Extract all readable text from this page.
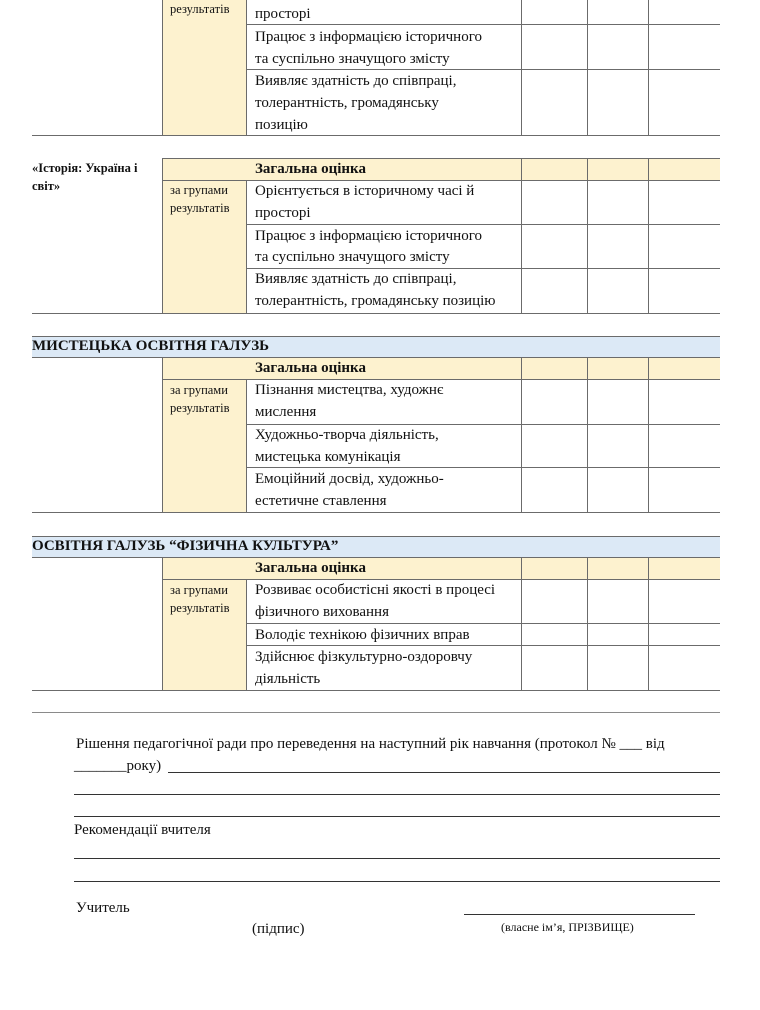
результатів просторі
Працює з інформацією історичного
та суспільно значущого змісту
Виявляє здатність до співпраці,
толерантність, громадянську
позицію
«Історія: Україна і
світ»
Загальна оцінка
за групами
результатів
Орієнтується в історичному часі й
просторі
Працює з інформацією історичного
та суспільно значущого змісту
Виявляє здатність до співпраці,
толерантність, громадянську позицію
МИСТЕЦЬКА ОСВІТНЯ ГАЛУЗЬ
Загальна оцінка
за групами
результатів
Пізнання мистецтва, художнє
мислення
Художньо-творча діяльність,
мистецька комунікація
Емоційний досвід, художньо-
естетичне ставлення
ОСВІТНЯ ГАЛУЗЬ “ФІЗИЧНА КУЛЬТУРА”
Загальна оцінка
за групами
результатів
Розвиває особистісні якості в процесі
фізичного виховання
Володіє технікою фізичних вправ
Здійснює фізкультурно-оздоровчу
діяльність
Рішення педагогічної ради про переведення на наступний рік навчання (протокол № ___ від
_______року)
Рекомендації вчителя
Учитель
(підпис)	(власне ім’я, ПРІЗВИЩЕ)
